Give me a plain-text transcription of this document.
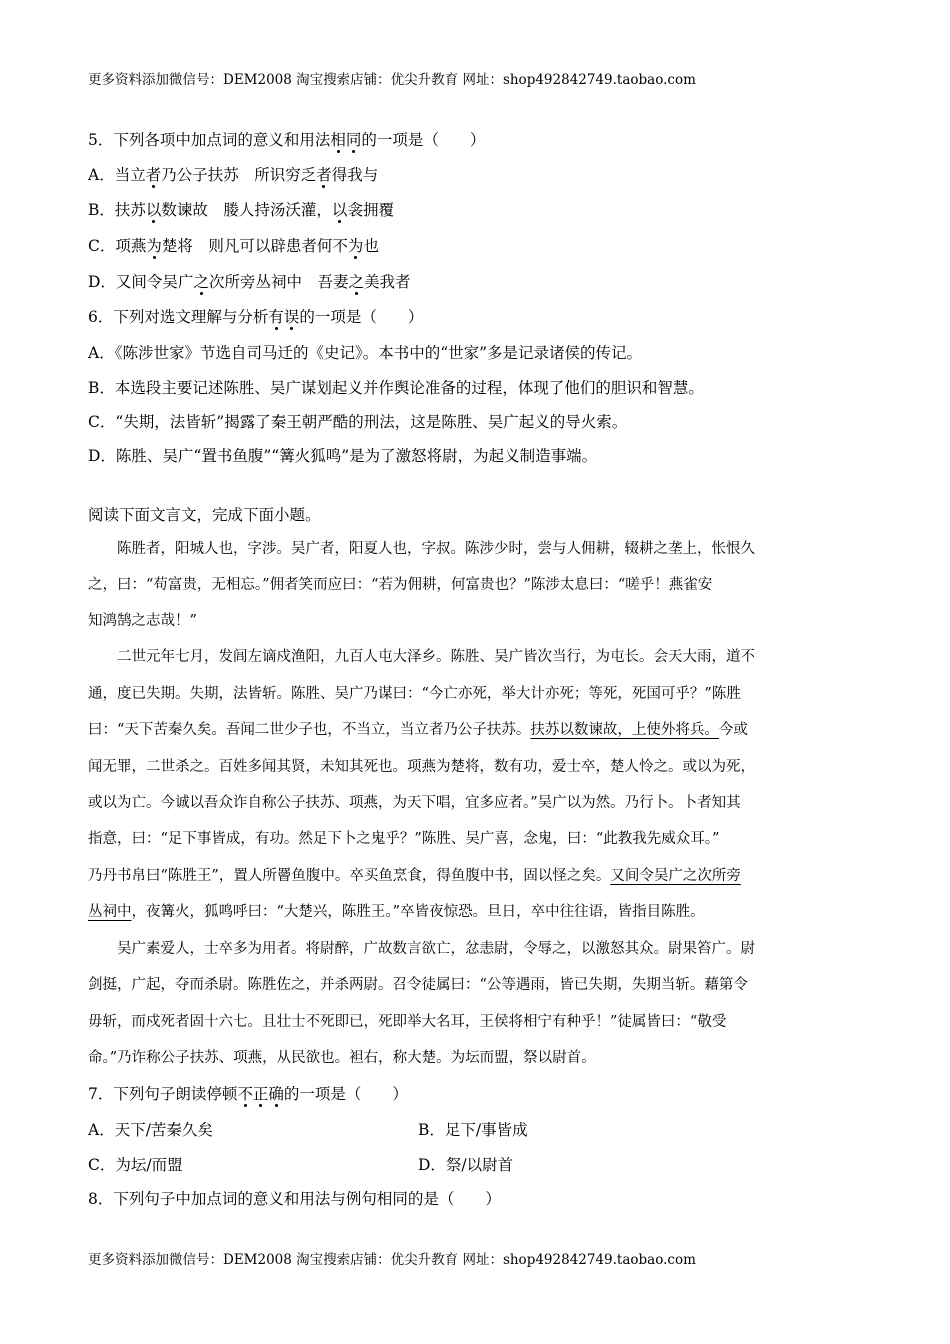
更多资料添加微信号：DEM2008 淘宝搜索店铺：优尖升教育 网址：shop492842749.taobao.com
5．下列各项中加点词的意义和用法相同的一项是（　　）
A．当立者乃公子扶苏　所识穷乏者得我与
B．扶苏以数谏故　媵人持汤沃灌，以衾拥覆
C．项燕为楚将　则凡可以辟患者何不为也
D．又间令吴广之次所旁丛祠中　吾妻之美我者
6．下列对选文理解与分析有误的一项是（　　）
A．《陈涉世家》节选自司马迁的《史记》。本书中的“世家”多是记录诸侯的传记。
B．本选段主要记述陈胜、吴广谋划起义并作舆论准备的过程，体现了他们的胆识和智慧。
C．“失期，法皆斩”揭露了秦王朝严酷的刑法，这是陈胜、吴广起义的导火索。
D．陈胜、吴广“置书鱼腹”“篝火狐鸣”是为了激怒将尉，为起义制造事端。
阅读下面文言文，完成下面小题。
　　陈胜者，阳城人也，字涉。吴广者，阳夏人也，字叔。陈涉少时，尝与人佣耕，辍耕之垄上，怅恨久
之，曰：“苟富贵，无相忘。”佣者笑而应曰：“若为佣耕，何富贵也？”陈涉太息曰：“嗟乎！燕雀安
知鸿鹄之志哉！”
　　二世元年七月，发闾左谪戍渔阳，九百人屯大泽乡。陈胜、吴广皆次当行，为屯长。会天大雨，道不
通，度已失期。失期，法皆斩。陈胜、吴广乃谋曰：“今亡亦死，举大计亦死；等死，死国可乎？”陈胜
曰：“天下苦秦久矣。吾闻二世少子也，不当立，当立者乃公子扶苏。扶苏以数谏故，上使外将兵。今或
闻无罪，二世杀之。百姓多闻其贤，未知其死也。项燕为楚将，数有功，爱士卒，楚人怜之。或以为死，
或以为亡。今诚以吾众诈自称公子扶苏、项燕，为天下唱，宜多应者。”吴广以为然。乃行卜。卜者知其
指意，曰：“足下事皆成，有功。然足下卜之鬼乎？”陈胜、吴广喜，念鬼，曰：“此教我先威众耳。”
乃丹书帛曰“陈胜王”，置人所罾鱼腹中。卒买鱼烹食，得鱼腹中书，固以怪之矣。又间令吴广之次所旁
丛祠中，夜篝火，狐鸣呼曰：“大楚兴，陈胜王。”卒皆夜惊恐。旦日，卒中往往语，皆指目陈胜。
　　吴广素爱人，士卒多为用者。将尉醉，广故数言欲亡，忿恚尉，令辱之，以激怒其众。尉果笞广。尉
剑挺，广起，夺而杀尉。陈胜佐之，并杀两尉。召令徒属曰：“公等遇雨，皆已失期，失期当斩。藉第令
毋斩，而戍死者固十六七。且壮士不死即已，死即举大名耳，王侯将相宁有种乎！”徒属皆曰：“敬受
命。”乃诈称公子扶苏、项燕，从民欲也。袒右，称大楚。为坛而盟，祭以尉首。
7．下列句子朗读停顿不正确的一项是（　　）
A．天下/苦秦久矣	B．足下/事皆成
C．为坛/而盟	D．祭/以尉首
8．下列句子中加点词的意义和用法与例句相同的是（　　）
更多资料添加微信号：DEM2008 淘宝搜索店铺：优尖升教育 网址：shop492842749.taobao.com
